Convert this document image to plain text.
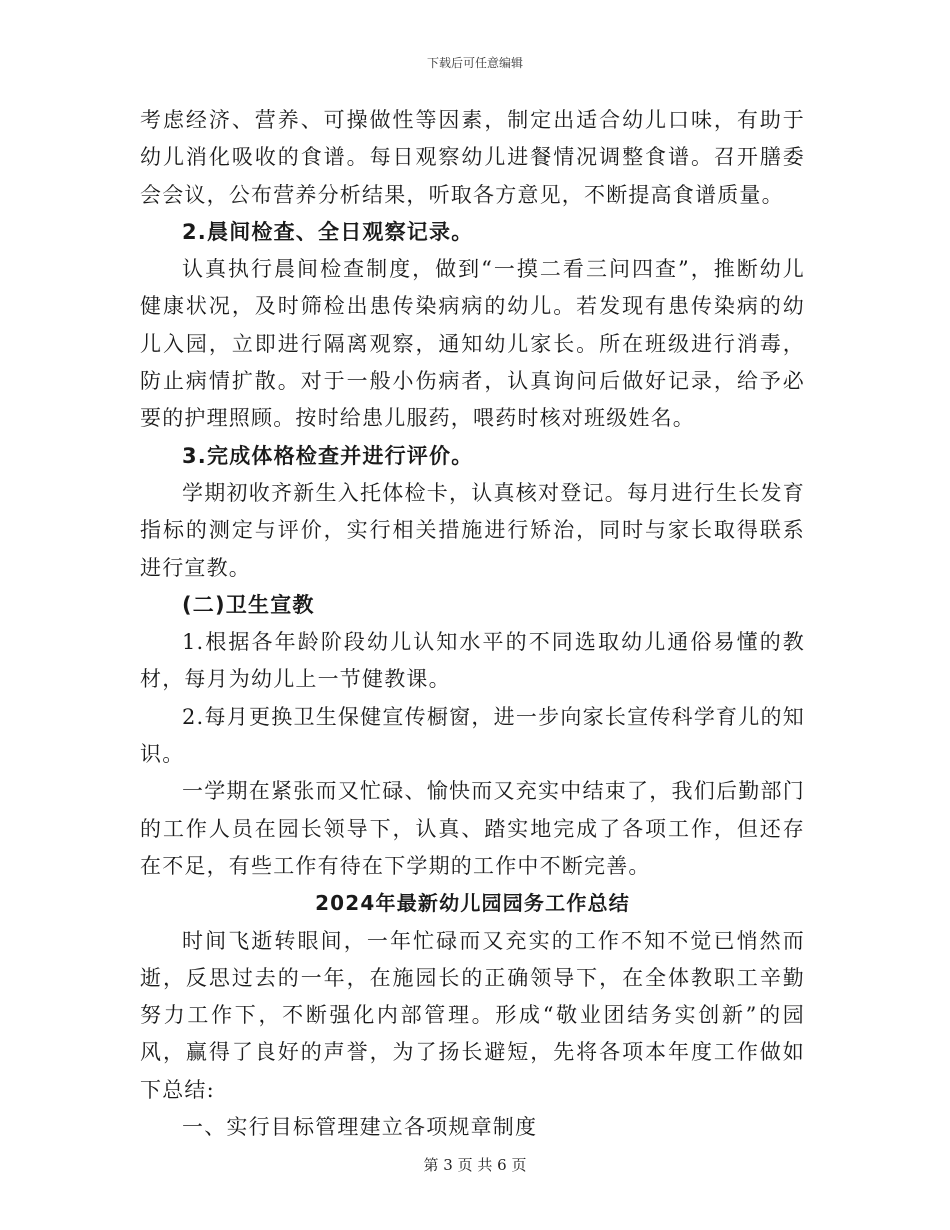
下载后可任意编辑

考虑经济、营养、可操做性等因素，制定出适合幼儿口味，有助于幼儿消化吸收的食谱。每日观察幼儿进餐情况调整食谱。召开膳委会会议，公布营养分析结果，听取各方意见，不断提高食谱质量。

2.晨间检查、全日观察记录。

认真执行晨间检查制度，做到“一摸二看三问四查”，推断幼儿健康状况，及时筛检出患传染病病的幼儿。若发现有患传染病的幼儿入园，立即进行隔离观察，通知幼儿家长。所在班级进行消毒，防止病情扩散。对于一般小伤病者，认真询问后做好记录，给予必要的护理照顾。按时给患儿服药，喂药时核对班级姓名。

3.完成体格检查并进行评价。

学期初收齐新生入托体检卡，认真核对登记。每月进行生长发育指标的测定与评价，实行相关措施进行矫治，同时与家长取得联系进行宣教。

(二)卫生宣教

1.根据各年龄阶段幼儿认知水平的不同选取幼儿通俗易懂的教材，每月为幼儿上一节健教课。

2.每月更换卫生保健宣传橱窗，进一步向家长宣传科学育儿的知识。

一学期在紧张而又忙碌、愉快而又充实中结束了，我们后勤部门的工作人员在园长领导下，认真、踏实地完成了各项工作，但还存在不足，有些工作有待在下学期的工作中不断完善。

2024年最新幼儿园园务工作总结

时间飞逝转眼间，一年忙碌而又充实的工作不知不觉已悄然而逝，反思过去的一年，在施园长的正确领导下，在全体教职工辛勤努力工作下，不断强化内部管理。形成“敬业团结务实创新”的园风，赢得了良好的声誉，为了扬长避短，先将各项本年度工作做如下总结:

一、实行目标管理建立各项规章制度

第 3 页 共 6 页
